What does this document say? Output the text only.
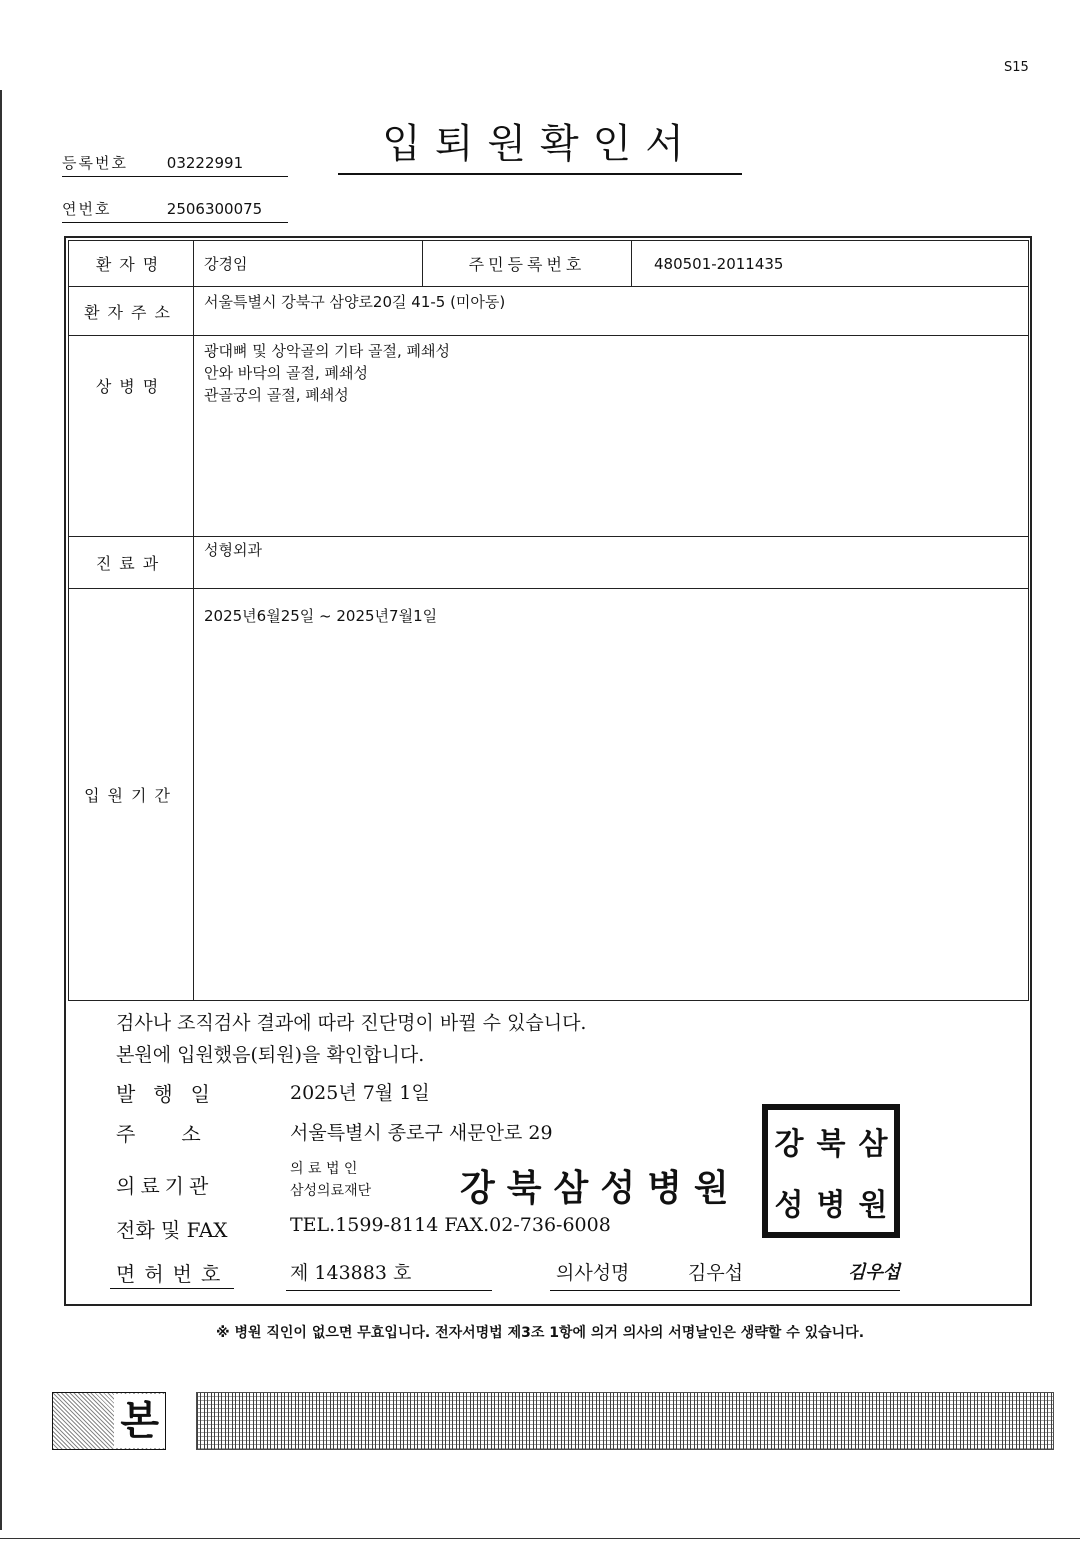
S15
입퇴원확인서
등록번호	03222991
연번호	2506300075
환자명	강경임	주민등록번호	480501-2011435

환자주소	서울특별시 강북구 삼양로20길 41-5 (미아동)		

상병명	광대뼈 및 상악골의 기타 골절, 폐쇄성
안와 바닥의 골절, 폐쇄성
관골궁의 골절, 폐쇄성		

진료과	성형외과		

입원기간	2025년6월25일 ~ 2025년7월1일		
검사나 조직검사 결과에 따라 진단명이 바뀔 수 있습니다.
본원에 입원했음(퇴원)을 확인합니다.
발행일	2025년 7월 1일
주소 서울특별시 종로구 새문안로 29
의료기관
의 료 법 인
삼성의료재단 강북삼성병원
전화 및 FAX	TEL.1599-8114 FAX.02-736-6008
면허번호	제 143883 호	의사성명	김우섭	김우섭
강 북 삼
성 병 원
※ 병원 직인이 없으면 무효입니다. 전자서명법 제3조 1항에 의거 의사의 서명날인은 생략할 수 있습니다.
본
